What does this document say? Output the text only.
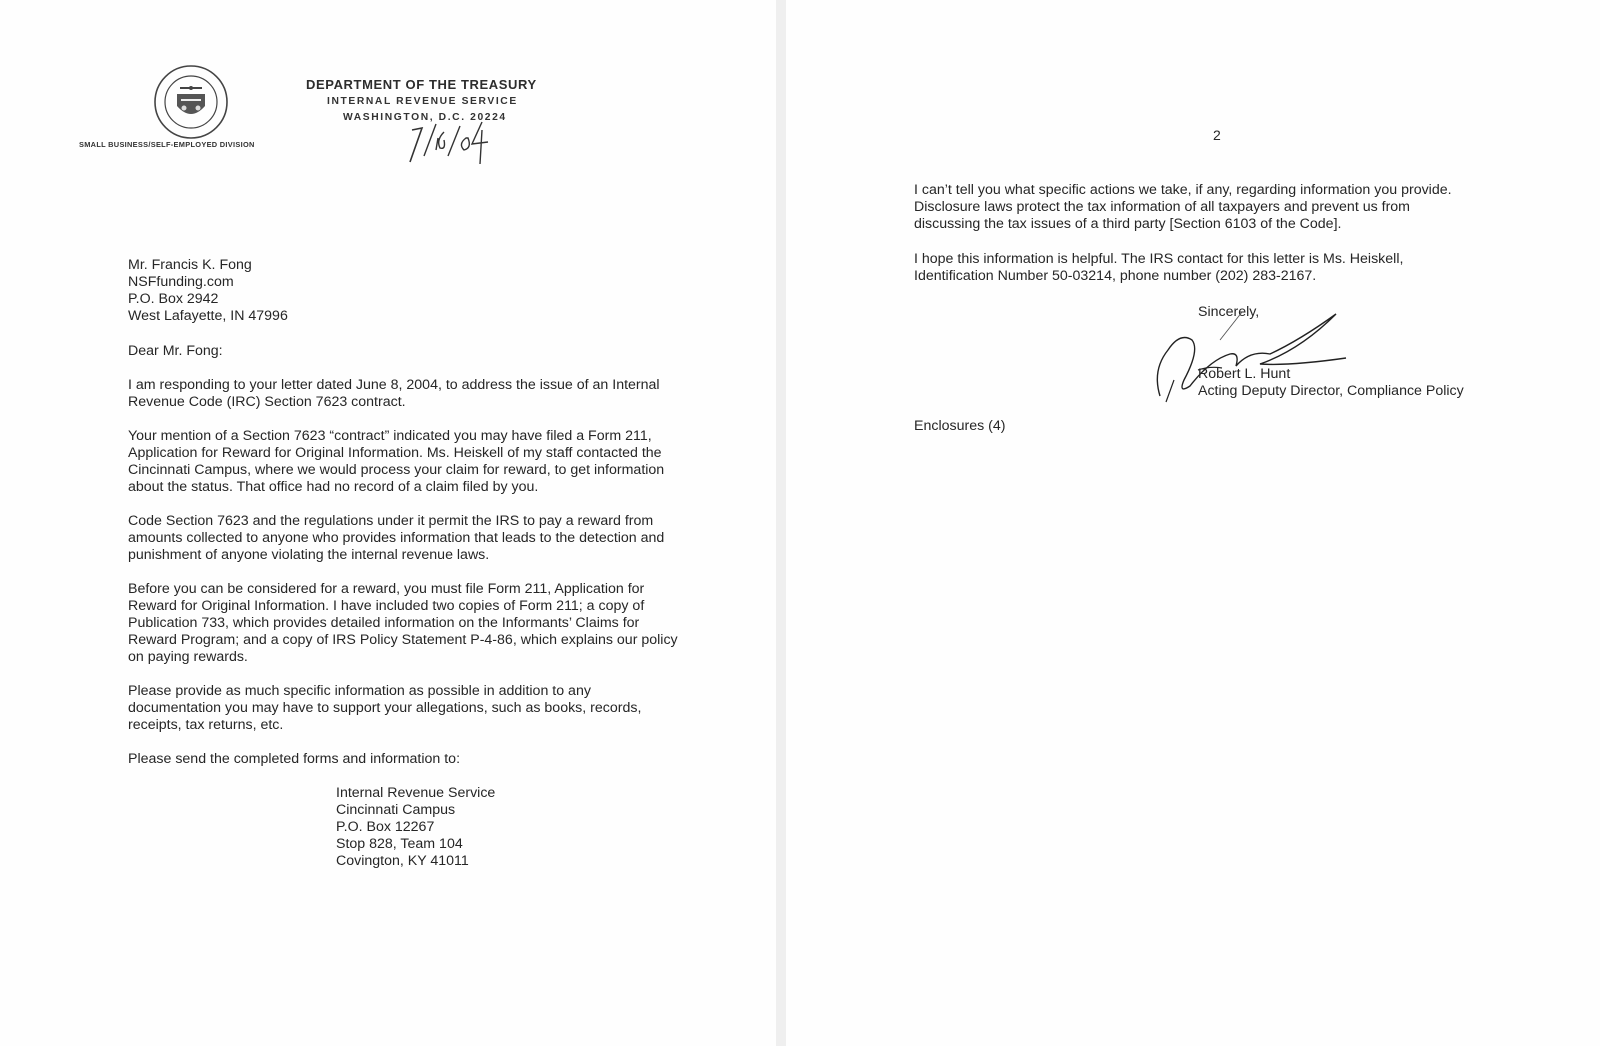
DEPARTMENT OF THE TREASURY
INTERNAL REVENUE SERVICE
WASHINGTON, D.C. 20224
SMALL BUSINESS/SELF-EMPLOYED DIVISION
Mr. Francis K. Fong
NSFfunding.com
P.O. Box 2942
West Lafayette, IN 47996
Dear Mr. Fong:
I am responding to your letter dated June 8, 2004, to address the issue of an Internal
Revenue Code (IRC) Section 7623 contract.
Your mention of a Section 7623 “contract” indicated you may have filed a Form 211,
Application for Reward for Original Information. Ms. Heiskell of my staff contacted the
Cincinnati Campus, where we would process your claim for reward, to get information
about the status. That office had no record of a claim filed by you.
Code Section 7623 and the regulations under it permit the IRS to pay a reward from
amounts collected to anyone who provides information that leads to the detection and
punishment of anyone violating the internal revenue laws.
Before you can be considered for a reward, you must file Form 211, Application for
Reward for Original Information. I have included two copies of Form 211; a copy of
Publication 733, which provides detailed information on the Informants’ Claims for
Reward Program; and a copy of IRS Policy Statement P-4-86, which explains our policy
on paying rewards.
Please provide as much specific information as possible in addition to any
documentation you may have to support your allegations, such as books, records,
receipts, tax returns, etc.
Please send the completed forms and information to:
Internal Revenue Service
Cincinnati Campus
P.O. Box 12267
Stop 828, Team 104
Covington, KY 41011
2
I can’t tell you what specific actions we take, if any, regarding information you provide.
Disclosure laws protect the tax information of all taxpayers and prevent us from
discussing the tax issues of a third party [Section 6103 of the Code].
I hope this information is helpful. The IRS contact for this letter is Ms. Heiskell,
Identification Number 50-03214, phone number (202) 283-2167.
Sincerely,
Robert L. Hunt
Acting Deputy Director, Compliance Policy
Enclosures (4)
